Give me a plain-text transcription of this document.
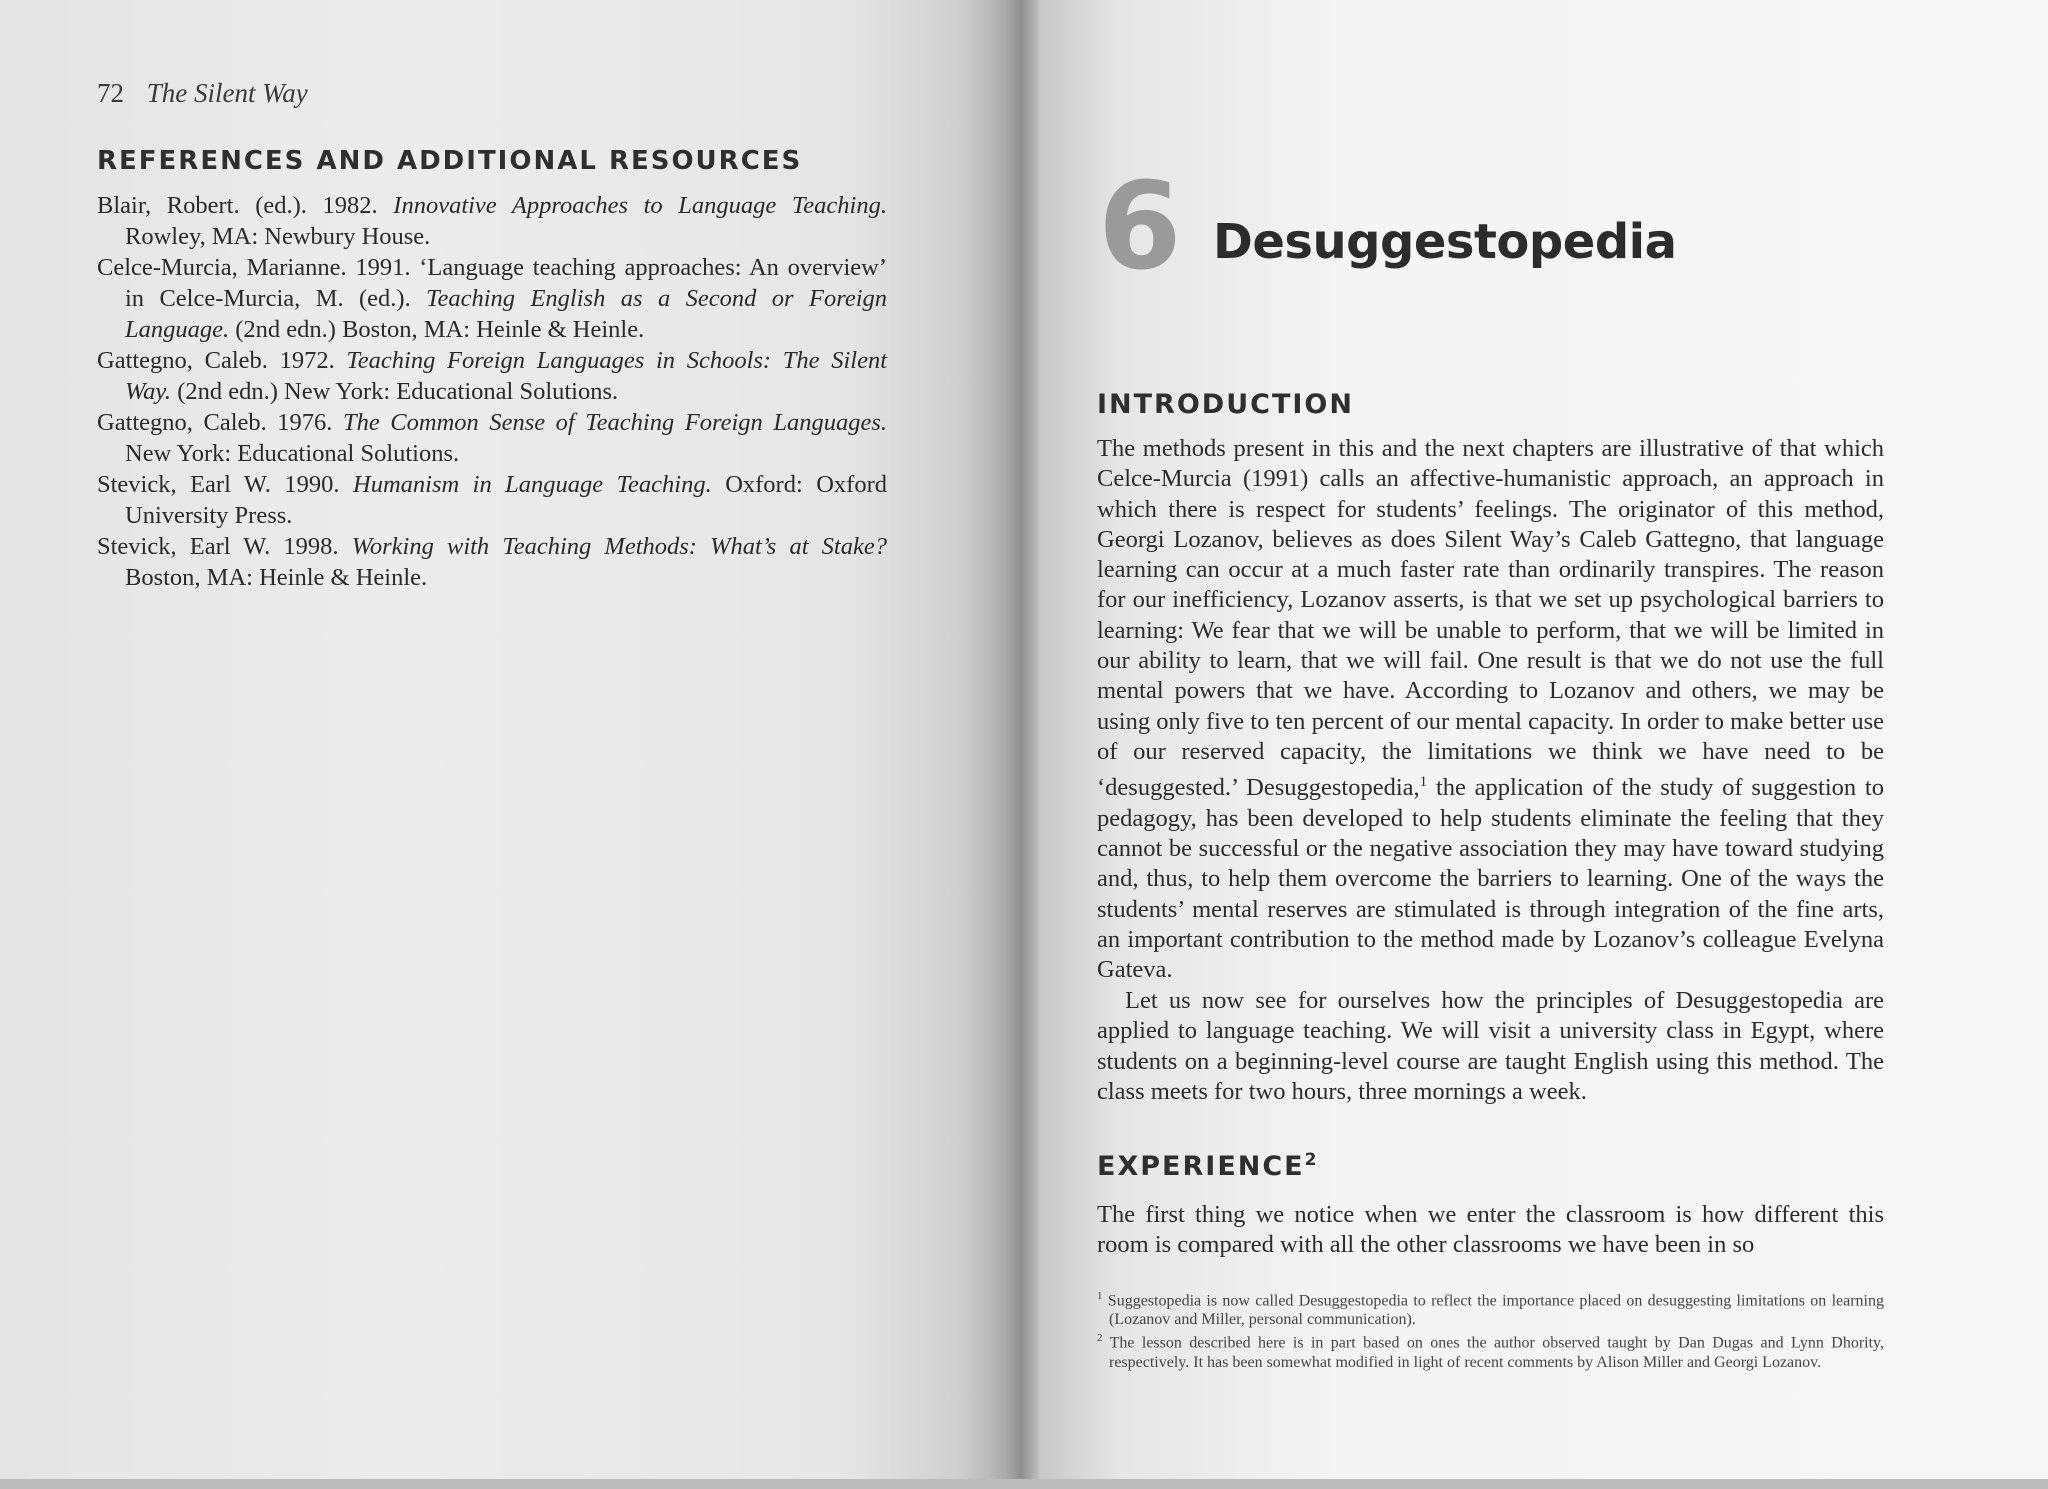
72 The Silent Way
REFERENCES AND ADDITIONAL RESOURCES

Blair, Robert. (ed.). 1982. Innovative Approaches to Language Teaching. Rowley, MA: Newbury House.

Celce-Murcia, Marianne. 1991. ‘Language teaching approaches: An overview’ in Celce-Murcia, M. (ed.). Teaching English as a Second or Foreign Language. (2nd edn.) Boston, MA: Heinle & Heinle.

Gattegno, Caleb. 1972. Teaching Foreign Languages in Schools: The Silent Way. (2nd edn.) New York: Educational Solutions.

Gattegno, Caleb. 1976. The Common Sense of Teaching Foreign Languages. New York: Educational Solutions.

Stevick, Earl W. 1990. Humanism in Language Teaching. Oxford: Oxford University Press.

Stevick, Earl W. 1998. Working with Teaching Methods: What’s at Stake? Boston, MA: Heinle & Heinle.

6 Desuggestopedia
INTRODUCTION
The methods present in this and the next chapters are illustrative of that which Celce-Murcia (1991) calls an affective-humanistic approach, an approach in which there is respect for students’ feelings. The originator of this method, Georgi Lozanov, believes as does Silent Way’s Caleb Gattegno, that language learning can occur at a much faster rate than ordinarily transpires. The reason for our inefficiency, Lozanov asserts, is that we set up psychological barriers to learning: We fear that we will be unable to perform, that we will be limited in our ability to learn, that we will fail. One result is that we do not use the full mental powers that we have. According to Lozanov and others, we may be using only five to ten percent of our mental capacity. In order to make better use of our reserved capacity, the limitations we think we have need to be ‘desuggested.’ Desuggestopedia,$^1$ the application of the study of suggestion to pedagogy, has been developed to help students eliminate the feeling that they cannot be successful or the negative association they may have toward studying and, thus, to help them overcome the barriers to learning. One of the ways the students’ mental reserves are stimulated is through integration of the fine arts, an important contribution to the method made by Lozanov’s colleague Evelyna Gateva.
Let us now see for ourselves how the principles of Desuggestopedia are applied to language teaching. We will visit a university class in Egypt, where students on a beginning-level course are taught English using this method. The class meets for two hours, three mornings a week.
EXPERIENCE$^2$
The first thing we notice when we enter the classroom is how different this room is compared with all the other classrooms we have been in so

$^1$ Suggestopedia is now called Desuggestopedia to reflect the importance placed on desuggesting limitations on learning (Lozanov and Miller, personal communication).

$^2$ The lesson described here is in part based on ones the author observed taught by Dan Dugas and Lynn Dhority, respectively. It has been somewhat modified in light of recent comments by Alison Miller and Georgi Lozanov.
